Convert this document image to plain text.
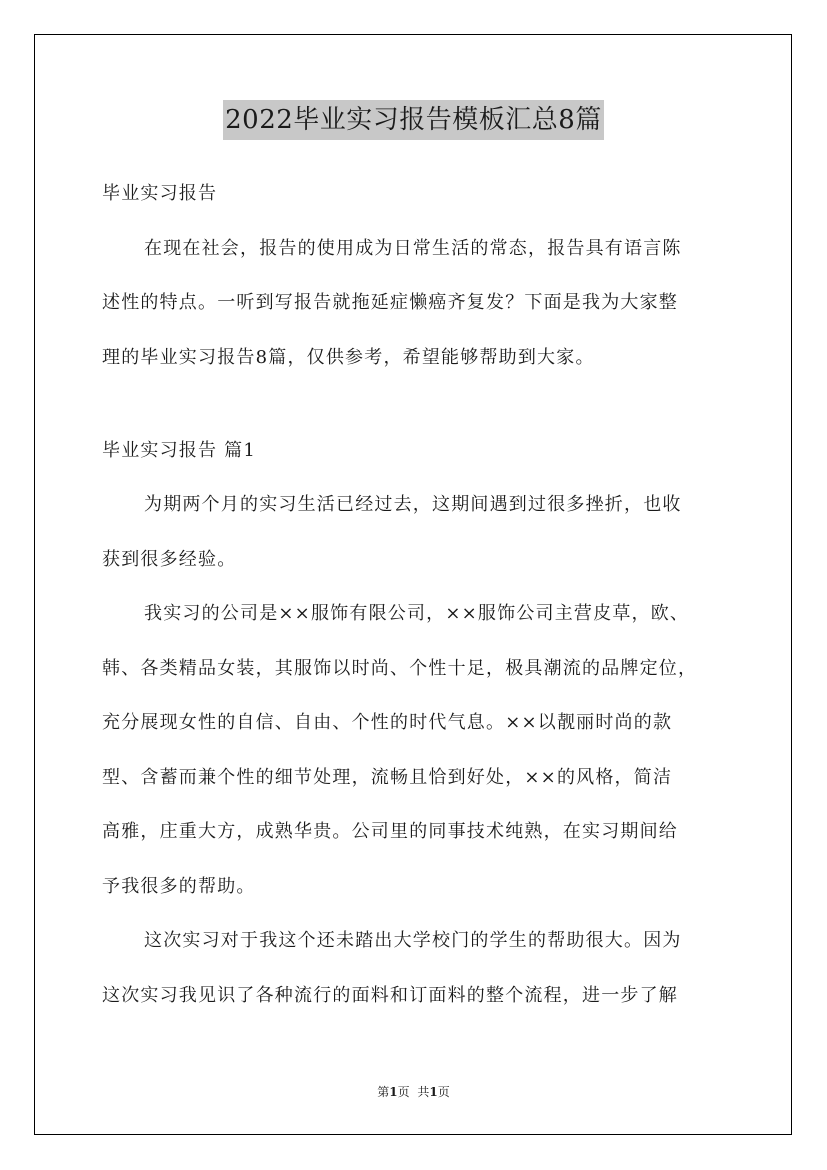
2022毕业实习报告模板汇总8篇
毕业实习报告
在现在社会，报告的使用成为日常生活的常态，报告具有语言陈
述性的特点。一听到写报告就拖延症懒癌齐复发？下面是我为大家整
理的毕业实习报告8篇，仅供参考，希望能够帮助到大家。
毕业实习报告 篇1
为期两个月的实习生活已经过去，这期间遇到过很多挫折，也收
获到很多经验。
我实习的公司是××服饰有限公司，××服饰公司主营皮草，欧、
韩、各类精品女装，其服饰以时尚、个性十足，极具潮流的品牌定位，
充分展现女性的自信、自由、个性的时代气息。××以靓丽时尚的款
型、含蓄而兼个性的细节处理，流畅且恰到好处，××的风格，简洁
高雅，庄重大方，成熟华贵。公司里的同事技术纯熟，在实习期间给
予我很多的帮助。
这次实习对于我这个还未踏出大学校门的学生的帮助很大。因为
这次实习我见识了各种流行的面料和订面料的整个流程，进一步了解
第1页 共1页
